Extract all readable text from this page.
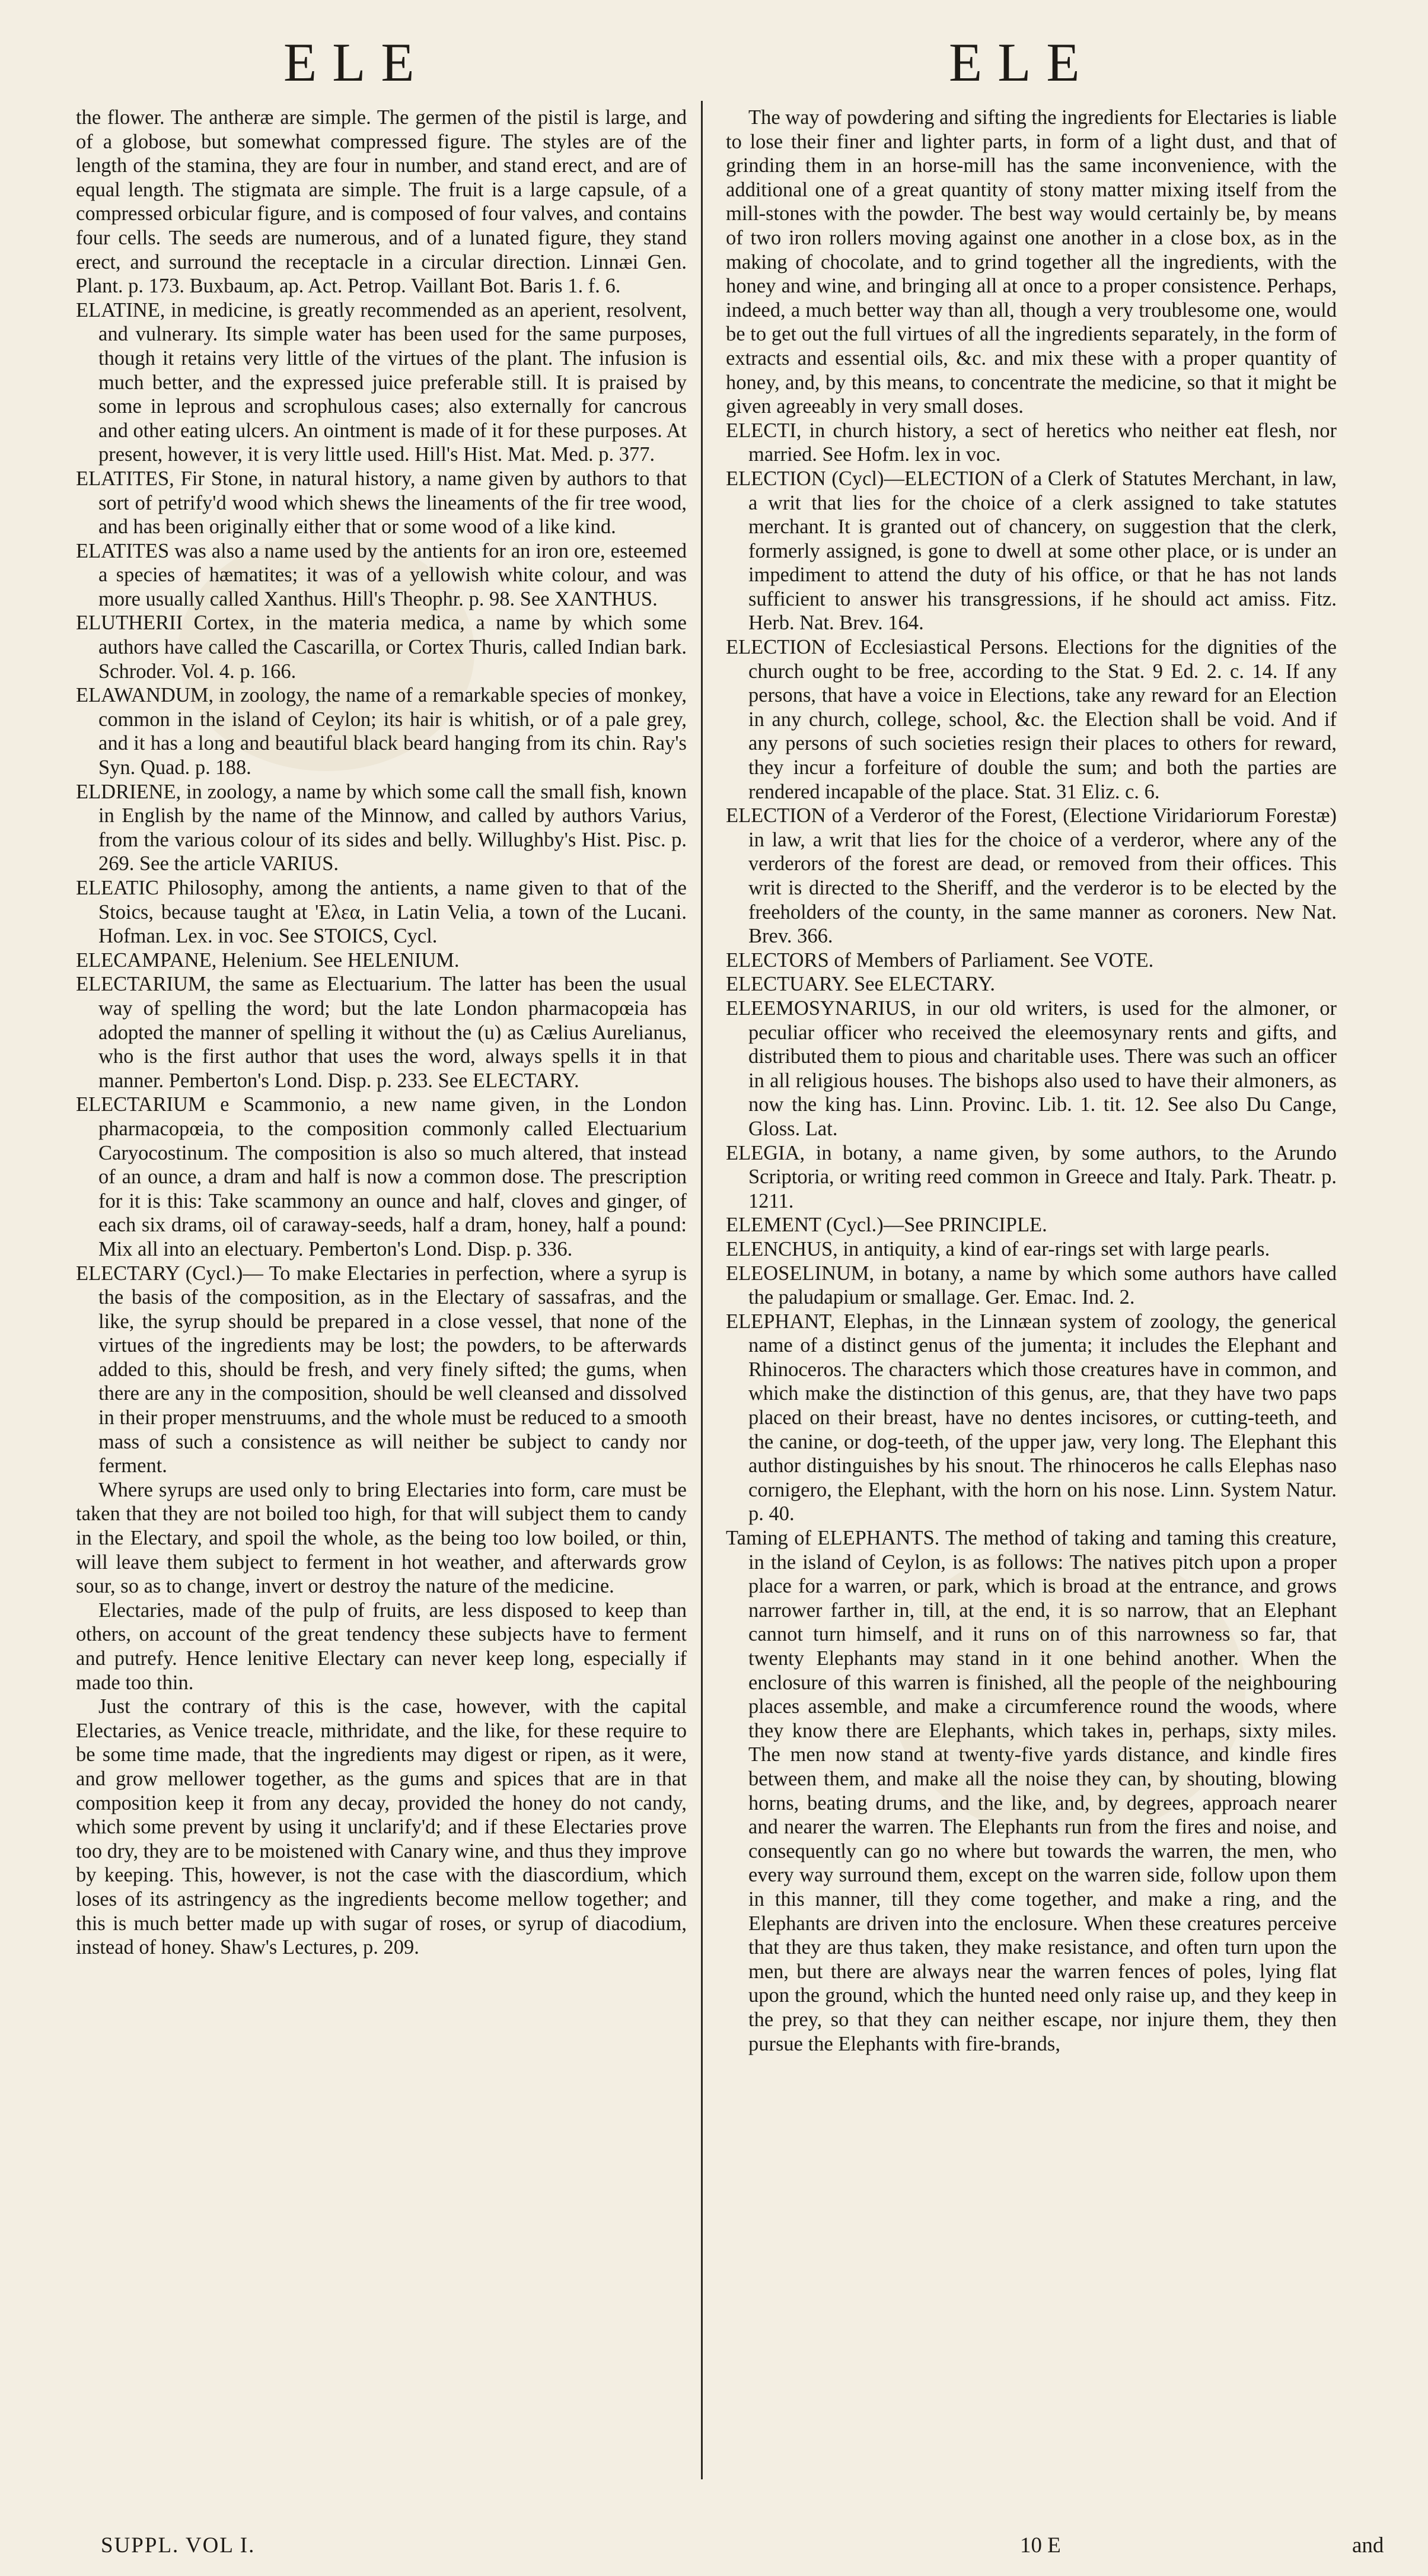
ELE	ELE

the flower. The antheræ are simple. The germen of the pistil is large, and of a globose, but somewhat compressed figure. The styles are of the length of the stamina, they are four in number, and stand erect, and are of equal length. The stigmata are simple. The fruit is a large capsule, of a compressed orbicular figure, and is composed of four valves, and contains four cells. The seeds are numerous, and of a lunated figure, they stand erect, and surround the receptacle in a circular direction. Linnæi Gen. Plant. p. 173. Buxbaum, ap. Act. Petrop. Vaillant Bot. Baris 1. f. 6.

ELATINE, in medicine, is greatly recommended as an aperient, resolvent, and vulnerary. Its simple water has been used for the same purposes, though it retains very little of the virtues of the plant. The infusion is much better, and the expressed juice preferable still. It is praised by some in leprous and scrophulous cases; also externally for cancrous and other eating ulcers. An ointment is made of it for these purposes. At present, however, it is very little used. Hill's Hist. Mat. Med. p. 377.

ELATITES, Fir Stone, in natural history, a name given by authors to that sort of petrify'd wood which shews the lineaments of the fir tree wood, and has been originally either that or some wood of a like kind.

ELATITES was also a name used by the antients for an iron ore, esteemed a species of hæmatites; it was of a yellowish white colour, and was more usually called Xanthus. Hill's Theophr. p. 98. See XANTHUS.

ELUTHERII Cortex, in the materia medica, a name by which some authors have called the Cascarilla, or Cortex Thuris, called Indian bark. Schroder. Vol. 4. p. 166.

ELAWANDUM, in zoology, the name of a remarkable species of monkey, common in the island of Ceylon; its hair is whitish, or of a pale grey, and it has a long and beautiful black beard hanging from its chin. Ray's Syn. Quad. p. 188.

ELDRIENE, in zoology, a name by which some call the small fish, known in English by the name of the Minnow, and called by authors Varius, from the various colour of its sides and belly. Willughby's Hist. Pisc. p. 269. See the article VARIUS.

ELEATIC Philosophy, among the antients, a name given to that of the Stoics, because taught at 'Ελεα, in Latin Velia, a town of the Lucani. Hofman. Lex. in voc. See STOICS, Cycl.

ELECAMPANE, Helenium. See HELENIUM.

ELECTARIUM, the same as Electuarium. The latter has been the usual way of spelling the word; but the late London pharmacopœia has adopted the manner of spelling it without the (u) as Cælius Aurelianus, who is the first author that uses the word, always spells it in that manner. Pemberton's Lond. Disp. p. 233. See ELECTARY.

ELECTARIUM e Scammonio, a new name given, in the London pharmacopœia, to the composition commonly called Electuarium Caryocostinum. The composition is also so much altered, that instead of an ounce, a dram and half is now a common dose. The prescription for it is this: Take scammony an ounce and half, cloves and ginger, of each six drams, oil of caraway-seeds, half a dram, honey, half a pound: Mix all into an electuary. Pemberton's Lond. Disp. p. 336.

ELECTARY (Cycl.)— To make Electaries in perfection, where a syrup is the basis of the composition, as in the Electary of sassafras, and the like, the syrup should be prepared in a close vessel, that none of the virtues of the ingredients may be lost; the powders, to be afterwards added to this, should be fresh, and very finely sifted; the gums, when there are any in the composition, should be well cleansed and dissolved in their proper menstruums, and the whole must be reduced to a smooth mass of such a consistence as will neither be subject to candy nor ferment.

Where syrups are used only to bring Electaries into form, care must be taken that they are not boiled too high, for that will subject them to candy in the Electary, and spoil the whole, as the being too low boiled, or thin, will leave them subject to ferment in hot weather, and afterwards grow sour, so as to change, invert or destroy the nature of the medicine.

Electaries, made of the pulp of fruits, are less disposed to keep than others, on account of the great tendency these subjects have to ferment and putrefy. Hence lenitive Electary can never keep long, especially if made too thin.

Just the contrary of this is the case, however, with the capital Electaries, as Venice treacle, mithridate, and the like, for these require to be some time made, that the ingredients may digest or ripen, as it were, and grow mellower together, as the gums and spices that are in that composition keep it from any decay, provided the honey do not candy, which some prevent by using it unclarify'd; and if these Electaries prove too dry, they are to be moistened with Canary wine, and thus they improve by keeping. This, however, is not the case with the diascordium, which loses of its astringency as the ingredients become mellow together; and this is much better made up with sugar of roses, or syrup of diacodium, instead of honey. Shaw's Lectures, p. 209.

The way of powdering and sifting the ingredients for Electaries is liable to lose their finer and lighter parts, in form of a light dust, and that of grinding them in an horse-mill has the same inconvenience, with the additional one of a great quantity of stony matter mixing itself from the mill-stones with the powder. The best way would certainly be, by means of two iron rollers moving against one another in a close box, as in the making of chocolate, and to grind together all the ingredients, with the honey and wine, and bringing all at once to a proper consistence. Perhaps, indeed, a much better way than all, though a very troublesome one, would be to get out the full virtues of all the ingredients separately, in the form of extracts and essential oils, &c. and mix these with a proper quantity of honey, and, by this means, to concentrate the medicine, so that it might be given agreeably in very small doses.

ELECTI, in church history, a sect of heretics who neither eat flesh, nor married. See Hofm. lex in voc.

ELECTION (Cycl)—ELECTION of a Clerk of Statutes Merchant, in law, a writ that lies for the choice of a clerk assigned to take statutes merchant. It is granted out of chancery, on suggestion that the clerk, formerly assigned, is gone to dwell at some other place, or is under an impediment to attend the duty of his office, or that he has not lands sufficient to answer his transgressions, if he should act amiss. Fitz. Herb. Nat. Brev. 164.

ELECTION of Ecclesiastical Persons. Elections for the dignities of the church ought to be free, according to the Stat. 9 Ed. 2. c. 14. If any persons, that have a voice in Elections, take any reward for an Election in any church, college, school, &c. the Election shall be void. And if any persons of such societies resign their places to others for reward, they incur a forfeiture of double the sum; and both the parties are rendered incapable of the place. Stat. 31 Eliz. c. 6.

ELECTION of a Verderor of the Forest, (Electione Viridariorum Forestæ) in law, a writ that lies for the choice of a verderor, where any of the verderors of the forest are dead, or removed from their offices. This writ is directed to the Sheriff, and the verderor is to be elected by the freeholders of the county, in the same manner as coroners. New Nat. Brev. 366.

ELECTORS of Members of Parliament. See VOTE.

ELECTUARY. See ELECTARY.

ELEEMOSYNARIUS, in our old writers, is used for the almoner, or peculiar officer who received the eleemosynary rents and gifts, and distributed them to pious and charitable uses. There was such an officer in all religious houses. The bishops also used to have their almoners, as now the king has. Linn. Provinc. Lib. 1. tit. 12. See also Du Cange, Gloss. Lat.

ELEGIA, in botany, a name given, by some authors, to the Arundo Scriptoria, or writing reed common in Greece and Italy. Park. Theatr. p. 1211.

ELEMENT (Cycl.)—See PRINCIPLE.

ELENCHUS, in antiquity, a kind of ear-rings set with large pearls.

ELEOSELINUM, in botany, a name by which some authors have called the paludapium or smallage. Ger. Emac. Ind. 2.

ELEPHANT, Elephas, in the Linnæan system of zoology, the generical name of a distinct genus of the jumenta; it includes the Elephant and Rhinoceros. The characters which those creatures have in common, and which make the distinction of this genus, are, that they have two paps placed on their breast, have no dentes incisores, or cutting-teeth, and the canine, or dog-teeth, of the upper jaw, very long. The Elephant this author distinguishes by his snout. The rhinoceros he calls Elephas naso cornigero, the Elephant, with the horn on his nose. Linn. System Natur. p. 40.

Taming of ELEPHANTS. The method of taking and taming this creature, in the island of Ceylon, is as follows: The natives pitch upon a proper place for a warren, or park, which is broad at the entrance, and grows narrower farther in, till, at the end, it is so narrow, that an Elephant cannot turn himself, and it runs on of this narrowness so far, that twenty Elephants may stand in it one behind another. When the enclosure of this warren is finished, all the people of the neighbouring places assemble, and make a circumference round the woods, where they know there are Elephants, which takes in, perhaps, sixty miles. The men now stand at twenty-five yards distance, and kindle fires between them, and make all the noise they can, by shouting, blowing horns, beating drums, and the like, and, by degrees, approach nearer and nearer the warren. The Elephants run from the fires and noise, and consequently can go no where but towards the warren, the men, who every way surround them, except on the warren side, follow upon them in this manner, till they come together, and make a ring, and the Elephants are driven into the enclosure. When these creatures perceive that they are thus taken, they make resistance, and often turn upon the men, but there are always near the warren fences of poles, lying flat upon the ground, which the hunted need only raise up, and they keep in the prey, so that they can neither escape, nor injure them, they then pursue the Elephants with fire-brands,

SUPPL. VOL I.	10 E	and
